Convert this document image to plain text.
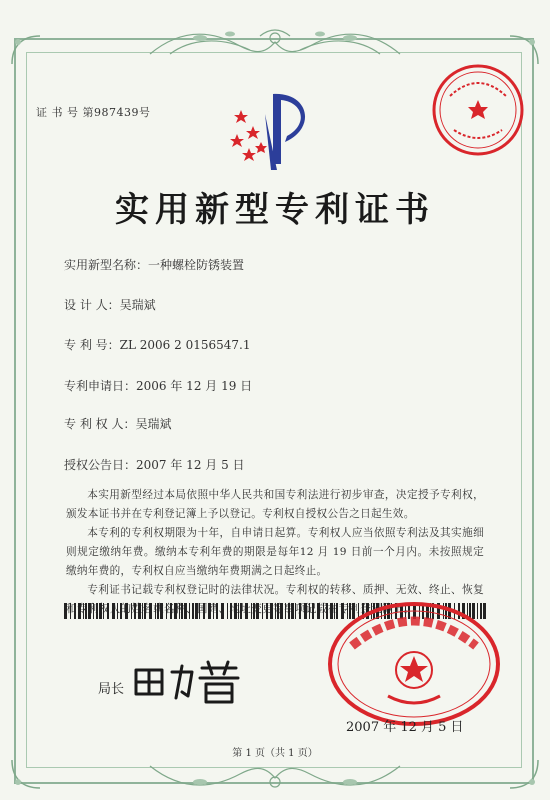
证 书 号 第987439号
实用新型专利证书
实用新型名称：一种螺栓防锈装置
设 计 人：吴瑞斌
专 利 号：ZL 2006 2 0156547.1
专利申请日：2006 年 12 月 19 日
专 利 权 人：吴瑞斌
授权公告日：2007 年 12 月 5 日

本实用新型经过本局依照中华人民共和国专利法进行初步审查，决定授予专利权，颁发本证书并在专利登记簿上予以登记。专利权自授权公告之日起生效。

本专利的专利权期限为十年，自申请日起算。专利权人应当依照专利法及其实施细则规定缴纳年费。缴纳本专利年费的期限是每年12 月 19 日前一个月内。未按照规定缴纳年费的，专利权自应当缴纳年费期满之日起终止。

专利证书记载专利权登记时的法律状况。专利权的转移、质押、无效、终止、恢复和专利权人的姓名或名称、国籍、地址变更等事项记载在专利登记簿上。

局长
2007 年 12 月 5 日
第 1 页（共 1 页）
